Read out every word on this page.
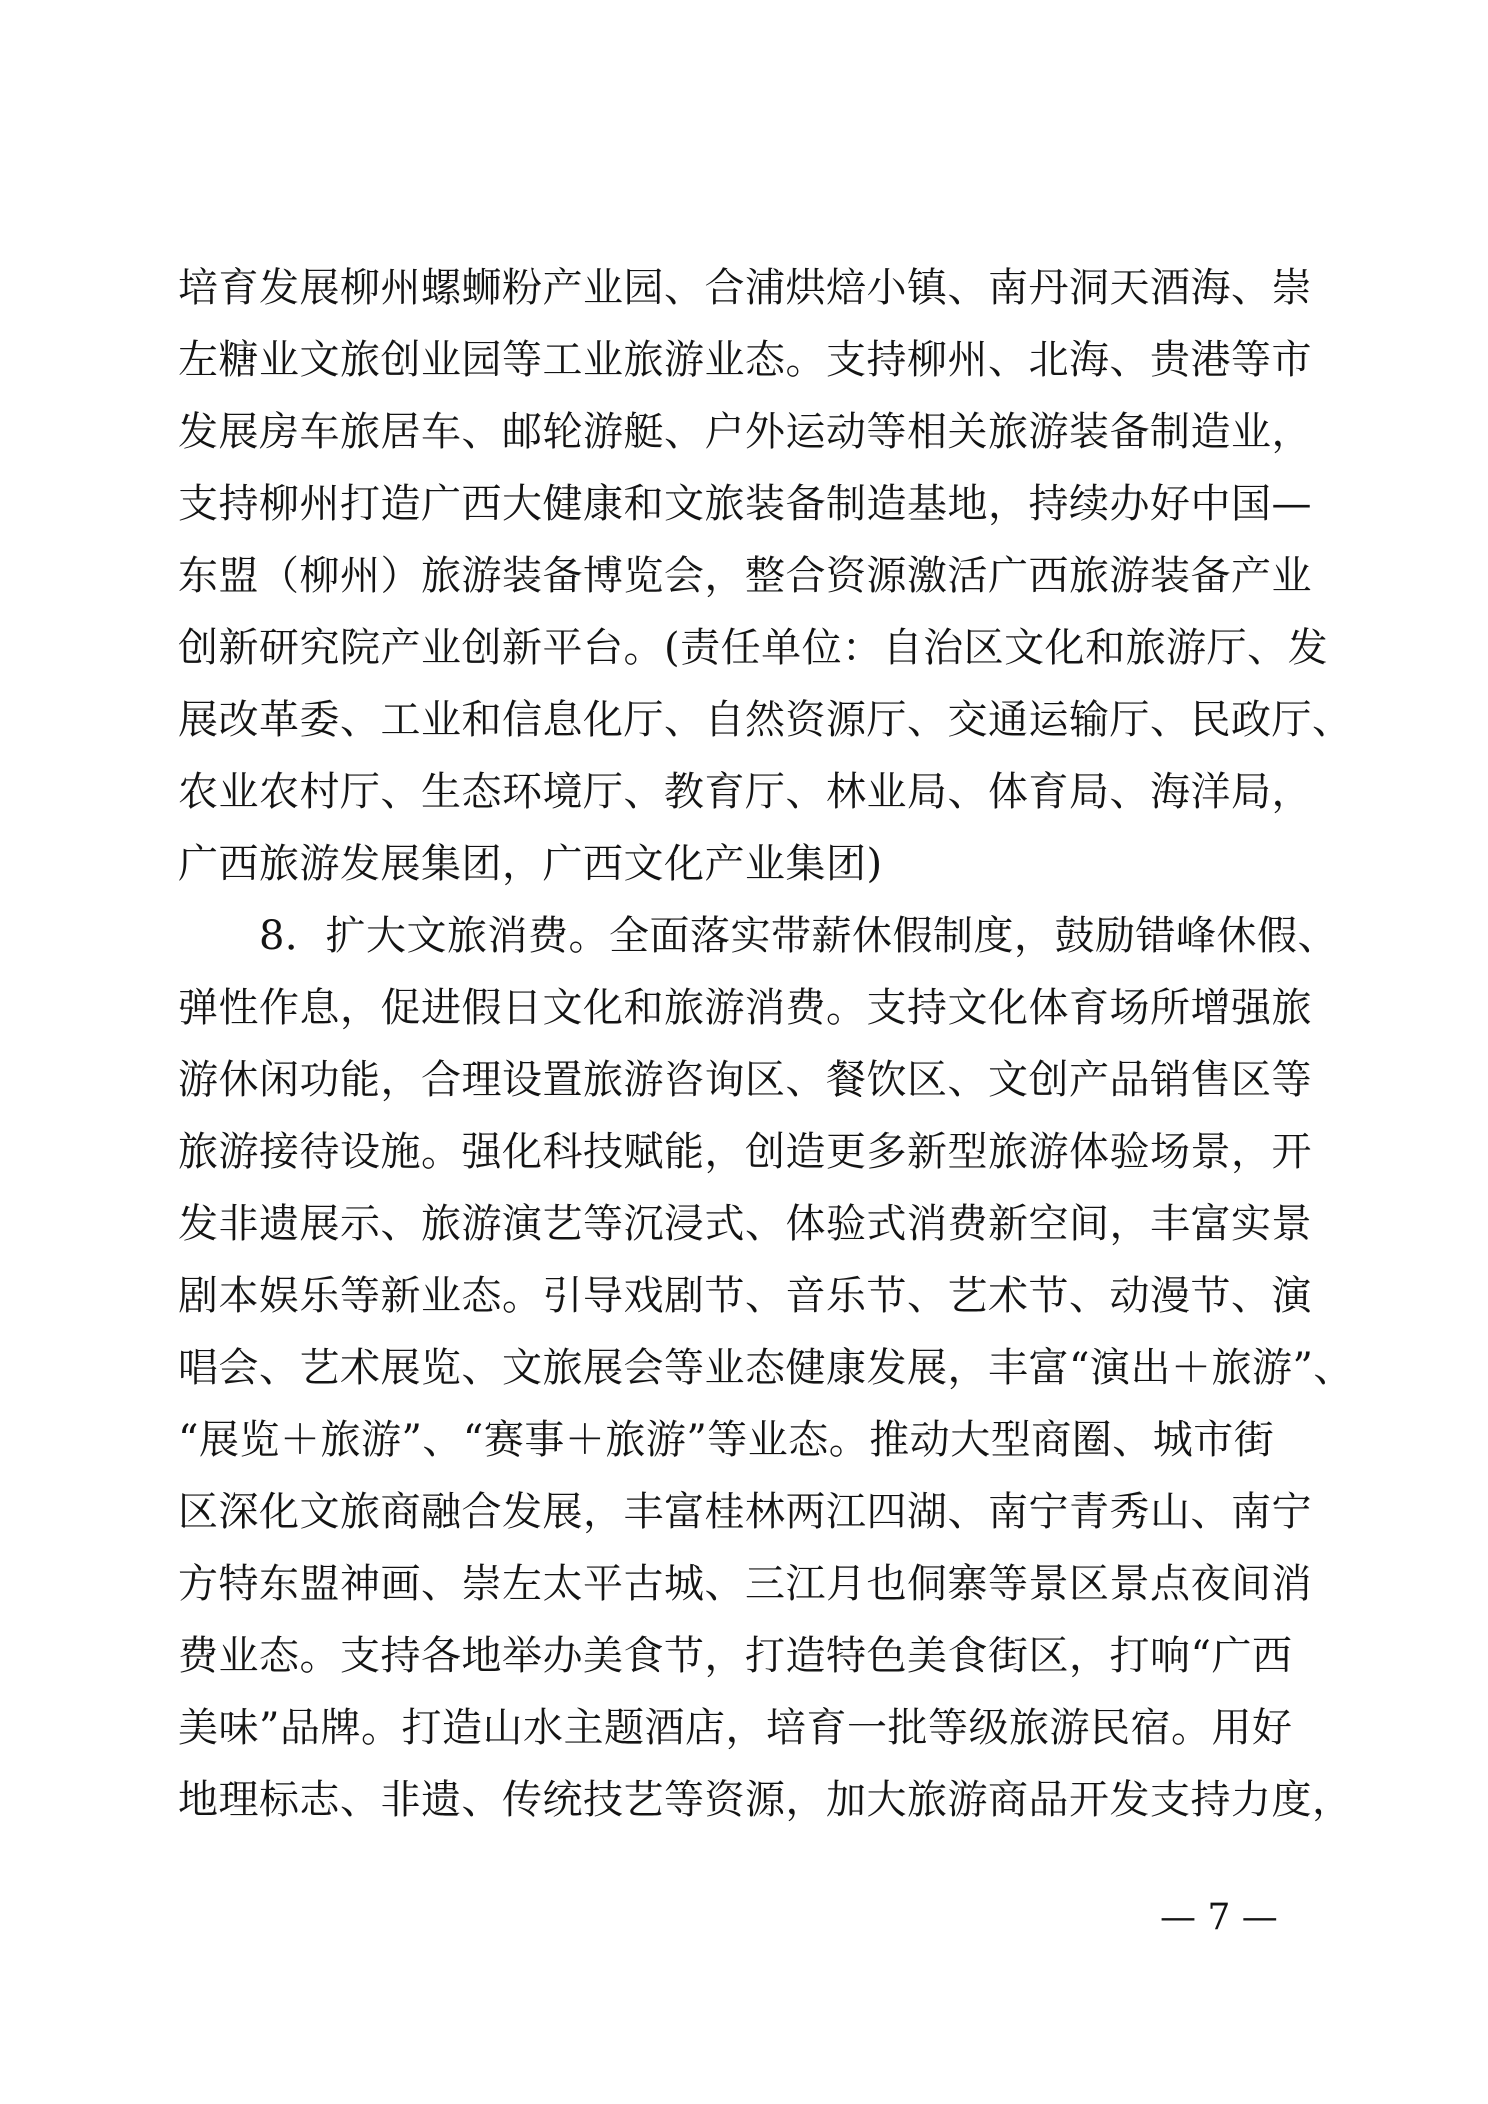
培育发展柳州螺蛳粉产业园、合浦烘焙小镇、南丹洞天酒海、崇
左糖业文旅创业园等工业旅游业态。支持柳州、北海、贵港等市
发展房车旅居车、邮轮游艇、户外运动等相关旅游装备制造业，
支持柳州打造广西大健康和文旅装备制造基地，持续办好中国—
东盟（柳州）旅游装备博览会，整合资源激活广西旅游装备产业
创新研究院产业创新平台。(责任单位：自治区文化和旅游厅、发
展改革委、工业和信息化厅、自然资源厅、交通运输厅、民政厅、
农业农村厅、生态环境厅、教育厅、林业局、体育局、海洋局，
广西旅游发展集团，广西文化产业集团)
　　8．扩大文旅消费。全面落实带薪休假制度，鼓励错峰休假、
弹性作息，促进假日文化和旅游消费。支持文化体育场所增强旅
游休闲功能，合理设置旅游咨询区、餐饮区、文创产品销售区等
旅游接待设施。强化科技赋能，创造更多新型旅游体验场景，开
发非遗展示、旅游演艺等沉浸式、体验式消费新空间，丰富实景
剧本娱乐等新业态。引导戏剧节、音乐节、艺术节、动漫节、演
唱会、艺术展览、文旅展会等业态健康发展，丰富“演出＋旅游”、
“展览＋旅游”、“赛事＋旅游”等业态。推动大型商圈、城市街
区深化文旅商融合发展，丰富桂林两江四湖、南宁青秀山、南宁
方特东盟神画、崇左太平古城、三江月也侗寨等景区景点夜间消
费业态。支持各地举办美食节，打造特色美食街区，打响“广西
美味”品牌。打造山水主题酒店，培育一批等级旅游民宿。用好
地理标志、非遗、传统技艺等资源，加大旅游商品开发支持力度，
— 7 —
